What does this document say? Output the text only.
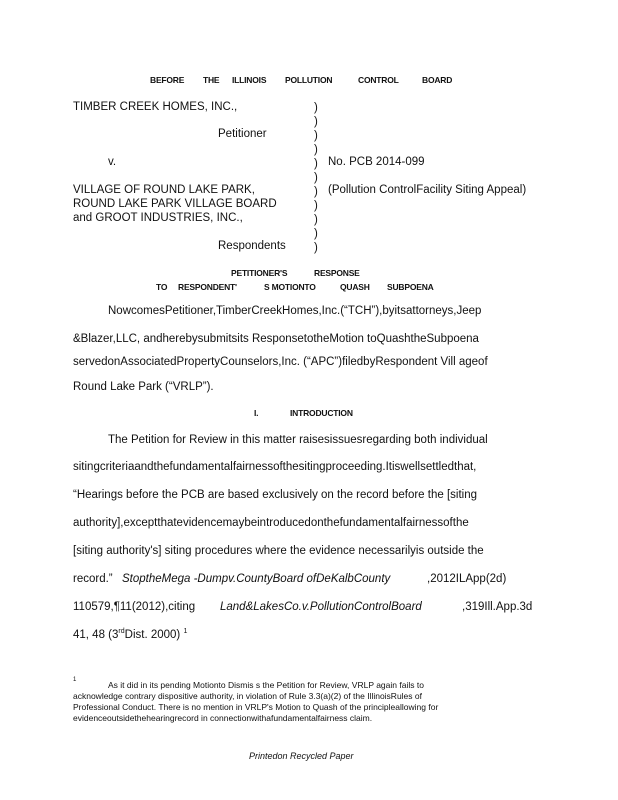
BEFORE THE ILLINOIS POLLUTION	CONTROL	BOARD
TIMBER CREEK HOMES, INC.,
Petitioner
v.	No. PCB 2014-099
(Pollution ControlFacility Siting Appeal)
VILLAGE OF ROUND LAKE PARK,
ROUND LAKE PARK VILLAGE BOARD
and GROOT INDUSTRIES, INC.,
Respondents
)
)
)
)
)
)
)
)
)
)
)
PETITIONER'S	RESPONSE
TO RESPONDENT'	S MOTIONTO	QUASH SUBPOENA
NowcomesPetitioner,TimberCreekHomes,Inc.(“TCH”),byitsattorneys,Jeep
&Blazer,LLC, andherebysubmitsits ResponsetotheMotion toQuashtheSubpoena
servedonAssociatedPropertyCounselors,Inc. (“APC”)filedbyRespondent Vill ageof
Round Lake Park (“VRLP”).
I.	INTRODUCTION
The Petition for Review in this matter raisesissuesregarding both individual
sitingcriteriaandthefundamentalfairnessofthesitingproceeding.Itiswellsettledthat,
“Hearings before the PCB are based exclusively on the record before the [siting
authority],exceptthatevidencemaybeintroducedonthefundamentalfairnessofthe
[siting authority's] siting procedures where the evidence necessarilyis outside the
record.” StoptheMega -Dumpv.CountyBoard ofDeKalbCounty	,2012ILApp(2d)
110579,¶11(2012),citing Land&LakesCo.v.PollutionControlBoard	,319Ill.App.3d
41, 48 (3rdDist. 2000) $^1$
1	As it did in its pending Motionto Dismis s the Petition for Review, VRLP again fails to
acknowledge contrary dispositive authority, in violation of Rule 3.3(a)(2) of the IllinoisRules of
Professional Conduct. There is no mention in VRLP's Motion to Quash of the principleallowing for
evidenceoutsidethehearingrecord in connectionwithafundamentalfairness claim.
Printedon Recycled Paper
